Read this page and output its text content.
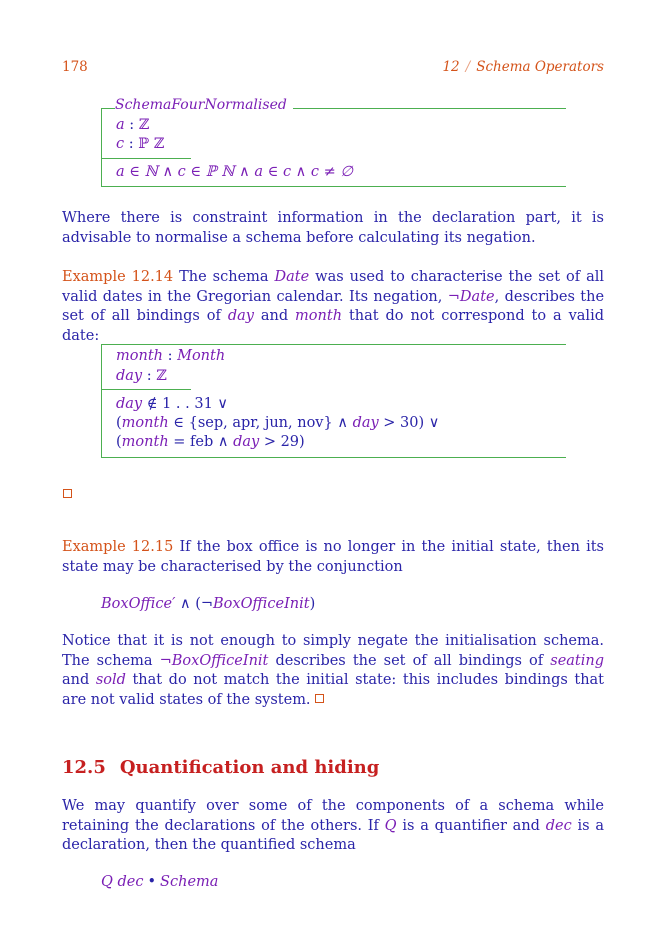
178	12 / Schema Operators
SchemaFourNormalised
a : ℤ
c : ℙ ℤ
a ∈ ℕ ∧ c ∈ ℙ ℕ ∧ a ∈ c ∧ c ≠ ∅
Where there is constraint information in the declaration part, it is advisable to normalise a schema before calculating its negation.
Example 12.14 The schema Date was used to characterise the set of all valid dates in the Gregorian calendar. Its negation, ¬Date, describes the set of all bindings of day and month that do not correspond to a valid date:
month : Month
day : ℤ
day ∉ 1 . . 31 ∨
(month ∈ {sep, apr, jun, nov} ∧ day > 30) ∨
(month = feb ∧ day > 29)
Example 12.15 If the box office is no longer in the initial state, then its state may be characterised by the conjunction
BoxOffice′ ∧ (¬BoxOfficeInit)
Notice that it is not enough to simply negate the initialisation schema. The schema ¬BoxOfficeInit describes the set of all bindings of seating and sold that do not match the initial state: this includes bindings that are not valid states of the system.
12.5 Quantification and hiding
We may quantify over some of the components of a schema while retaining the declarations of the others. If Q is a quantifier and dec is a declaration, then the quantified schema
Q dec • Schema
